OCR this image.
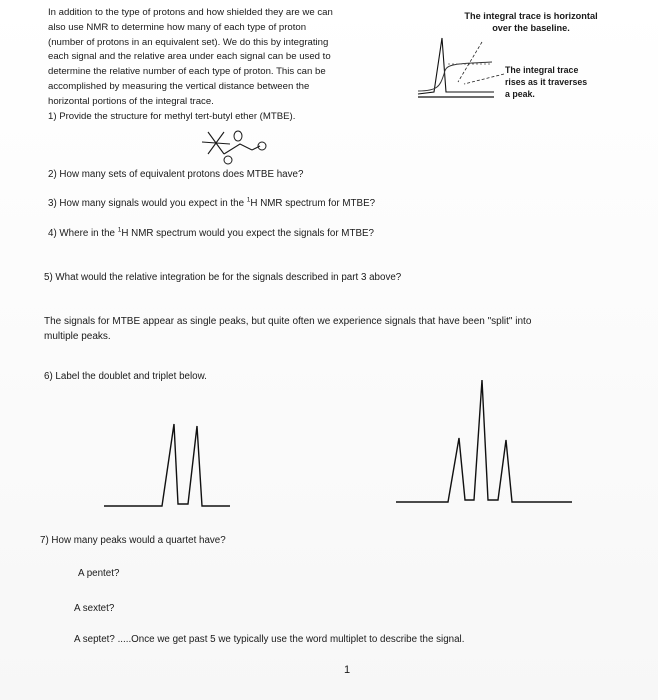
In addition to the type of protons and how shielded they are we can
also use NMR to determine how many of each type of proton
(number of protons in an equivalent set). We do this by integrating
each signal and the relative area under each signal can be used to
determine the relative number of each type of proton. This can be
accomplished by measuring the vertical distance between the
horizontal portions of the integral trace.
1) Provide the structure for methyl tert-butyl ether (MTBE).
The integral trace is horizontal
over the baseline.
The integral trace
rises as it traverses
a peak.
2) How many sets of equivalent protons does MTBE have?
3) How many signals would you expect in the $^1$H NMR spectrum for MTBE?
4) Where in the $^1$H NMR spectrum would you expect the signals for MTBE?
5) What would the relative integration be for the signals described in part 3 above?
The signals for MTBE appear as single peaks, but quite often we experience signals that have been "split" into
multiple peaks.
6) Label the doublet and triplet below.
7) How many peaks would a quartet have?
A pentet?
A sextet?
A septet? .....Once we get past 5 we typically use the word multiplet to describe the signal.
1
